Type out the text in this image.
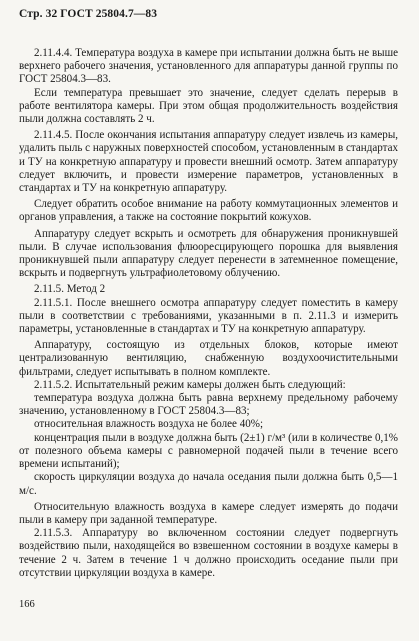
Стр. 32 ГОСТ 25804.7—83

2.11.4.4. Температура воздуха в камере при испытании должна быть не выше верхнего рабочего значения, установленного для аппаратуры данной группы по ГОСТ 25804.3—83.

Если температура превышает это значение, следует сделать перерыв в работе вентилятора камеры. При этом общая продолжительность воздействия пыли должна составлять 2 ч.

2.11.4.5. После окончания испытания аппаратуру следует извлечь из камеры, удалить пыль с наружных поверхностей способом, установленным в стандартах и ТУ на конкретную аппаратуру и провести внешний осмотр. Затем аппаратуру следует включить, и провести измерение параметров, установленных в стандартах и ТУ на конкретную аппаратуру.

Следует обратить особое внимание на работу коммутационных элементов и органов управления, а также на состояние покрытий кожухов.

Аппаратуру следует вскрыть и осмотреть для обнаружения проникнувшей пыли. В случае использования флюоресцирующего порошка для выявления проникнувшей пыли аппаратуру следует перенести в затемненное помещение, вскрыть и подвергнуть ультрафиолетовому облучению.

2.11.5. Метод 2

2.11.5.1. После внешнего осмотра аппаратуру следует поместить в камеру пыли в соответствии с требованиями, указанными в п. 2.11.3 и измерить параметры, установленные в стандартах и ТУ на конкретную аппаратуру.

Аппаратуру, состоящую из отдельных блоков, которые имеют централизованную вентиляцию, снабженную воздухоочистительными фильтрами, следует испытывать в полном комплекте.

2.11.5.2. Испытательный режим камеры должен быть следующий:

температура воздуха должна быть равна верхнему предельному рабочему значению, установленному в ГОСТ 25804.3—83;

относительная влажность воздуха не более 40%;

концентрация пыли в воздухе должна быть (2±1) г/м³ (или в количестве 0,1% от полезного объема камеры с равномерной подачей пыли в течение всего времени испытаний);

скорость циркуляции воздуха до начала оседания пыли должна быть 0,5—1 м/с.

Относительную влажность воздуха в камере следует измерять до подачи пыли в камеру при заданной температуре.

2.11.5.3. Аппаратуру во включенном состоянии следует подвергнуть воздействию пыли, находящейся во взвешенном состоянии в воздухе камеры в течение 2 ч. Затем в течение 1 ч должно происходить оседание пыли при отсутствии циркуляции воздуха в камере.

166
